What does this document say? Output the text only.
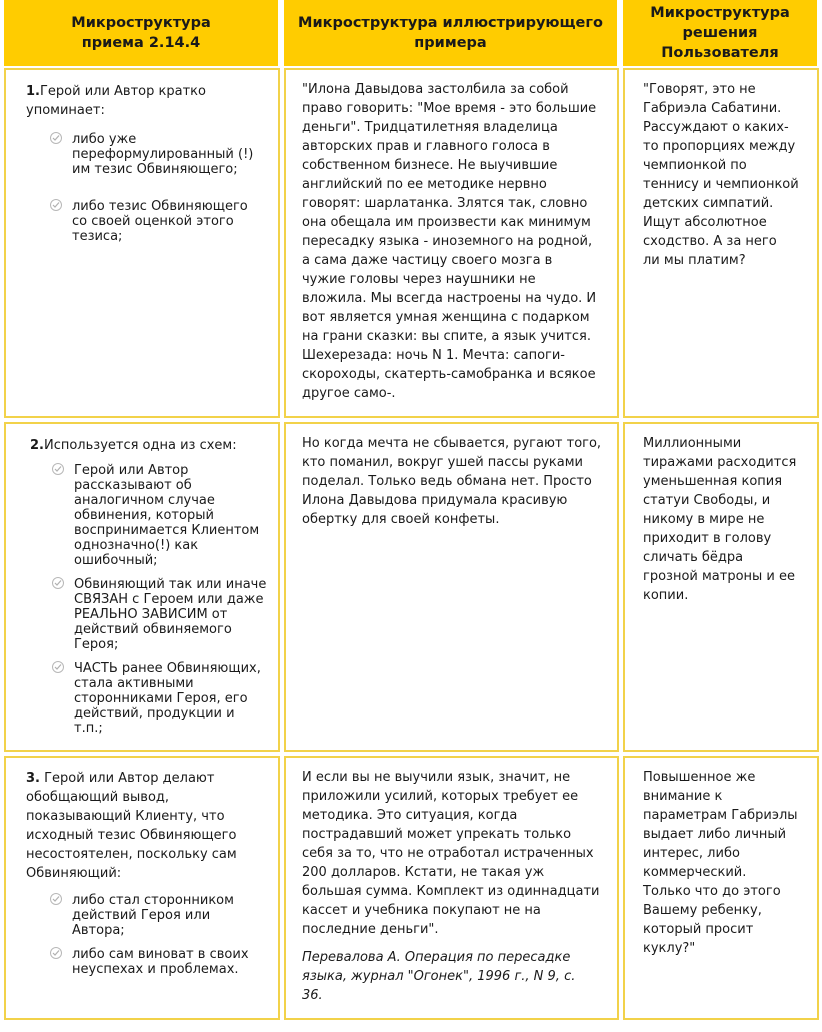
Микроструктура
приема 2.14.4
Микроструктура иллюстрирующего
примера
Микроструктура
решения
Пользователя
1.Герой или Автор кратко
упоминает:
либо уже
переформулированный (!)
им тезис Обвиняющего;
либо тезис Обвиняющего
со своей оценкой этого
тезиса;
"Илона Давыдова застолбила за собой
право говорить: "Мое время - это большие
деньги". Тридцатилетняя владелица
авторских прав и главного голоса в
собственном бизнесе. Не выучившие
английский по ее методике нервно
говорят: шарлатанка. Злятся так, словно
она обещала им произвести как минимум
пересадку языка - иноземного на родной,
а сама даже частицу своего мозга в
чужие головы через наушники не
вложила. Мы всегда настроены на чудо. И
вот является умная женщина с подарком
на грани сказки: вы спите, а язык учится.
Шехерезада: ночь N 1. Мечта: сапоги-
скороходы, скатерть-самобранка и всякое
другое само-.
"Говорят, это не
Габриэла Сабатини.
Рассуждают о каких-
то пропорциях между
чемпионкой по
теннису и чемпионкой
детских симпатий.
Ищут абсолютное
сходство. А за него
ли мы платим?
2.Используется одна из схем:
Герой или Автор
рассказывают об
аналогичном случае
обвинения, который
воспринимается Клиентом
однозначно(!) как
ошибочный;
Обвиняющий так или иначе
СВЯЗАН с Героем или даже
РЕАЛЬНО ЗАВИСИМ от
действий обвиняемого
Героя;
ЧАСТЬ ранее Обвиняющих,
стала активными
сторонниками Героя, его
действий, продукции и
т.п.;
Но когда мечта не сбывается, ругают того,
кто поманил, вокруг ушей пассы руками
поделал. Только ведь обмана нет. Просто
Илона Давыдова придумала красивую
обертку для своей конфеты.
Миллионными
тиражами расходится
уменьшенная копия
статуи Свободы, и
никому в мире не
приходит в голову
сличать бёдра
грозной матроны и ее
копии.
3. Герой или Автор делают
обобщающий вывод,
показывающий Клиенту, что
исходный тезис Обвиняющего
несостоятелен, поскольку сам
Обвиняющий:
либо стал сторонником
действий Героя или
Автора;
либо сам виноват в своих
неуспехах и проблемах.
И если вы не выучили язык, значит, не
приложили усилий, которых требует ее
методика. Это ситуация, когда
пострадавший может упрекать только
себя за то, что не отработал истраченных
200 долларов. Кстати, не такая уж
большая сумма. Комплект из одиннадцати
кассет и учебника покупают не на
последние деньги".
Перевалова А. Операция по пересадке
языка, журнал "Огонек", 1996 г., N 9, с.
36.
Повышенное же
внимание к
параметрам Габриэлы
выдает либо личный
интерес, либо
коммерческий.
Только что до этого
Вашему ребенку,
который просит
куклу?"
